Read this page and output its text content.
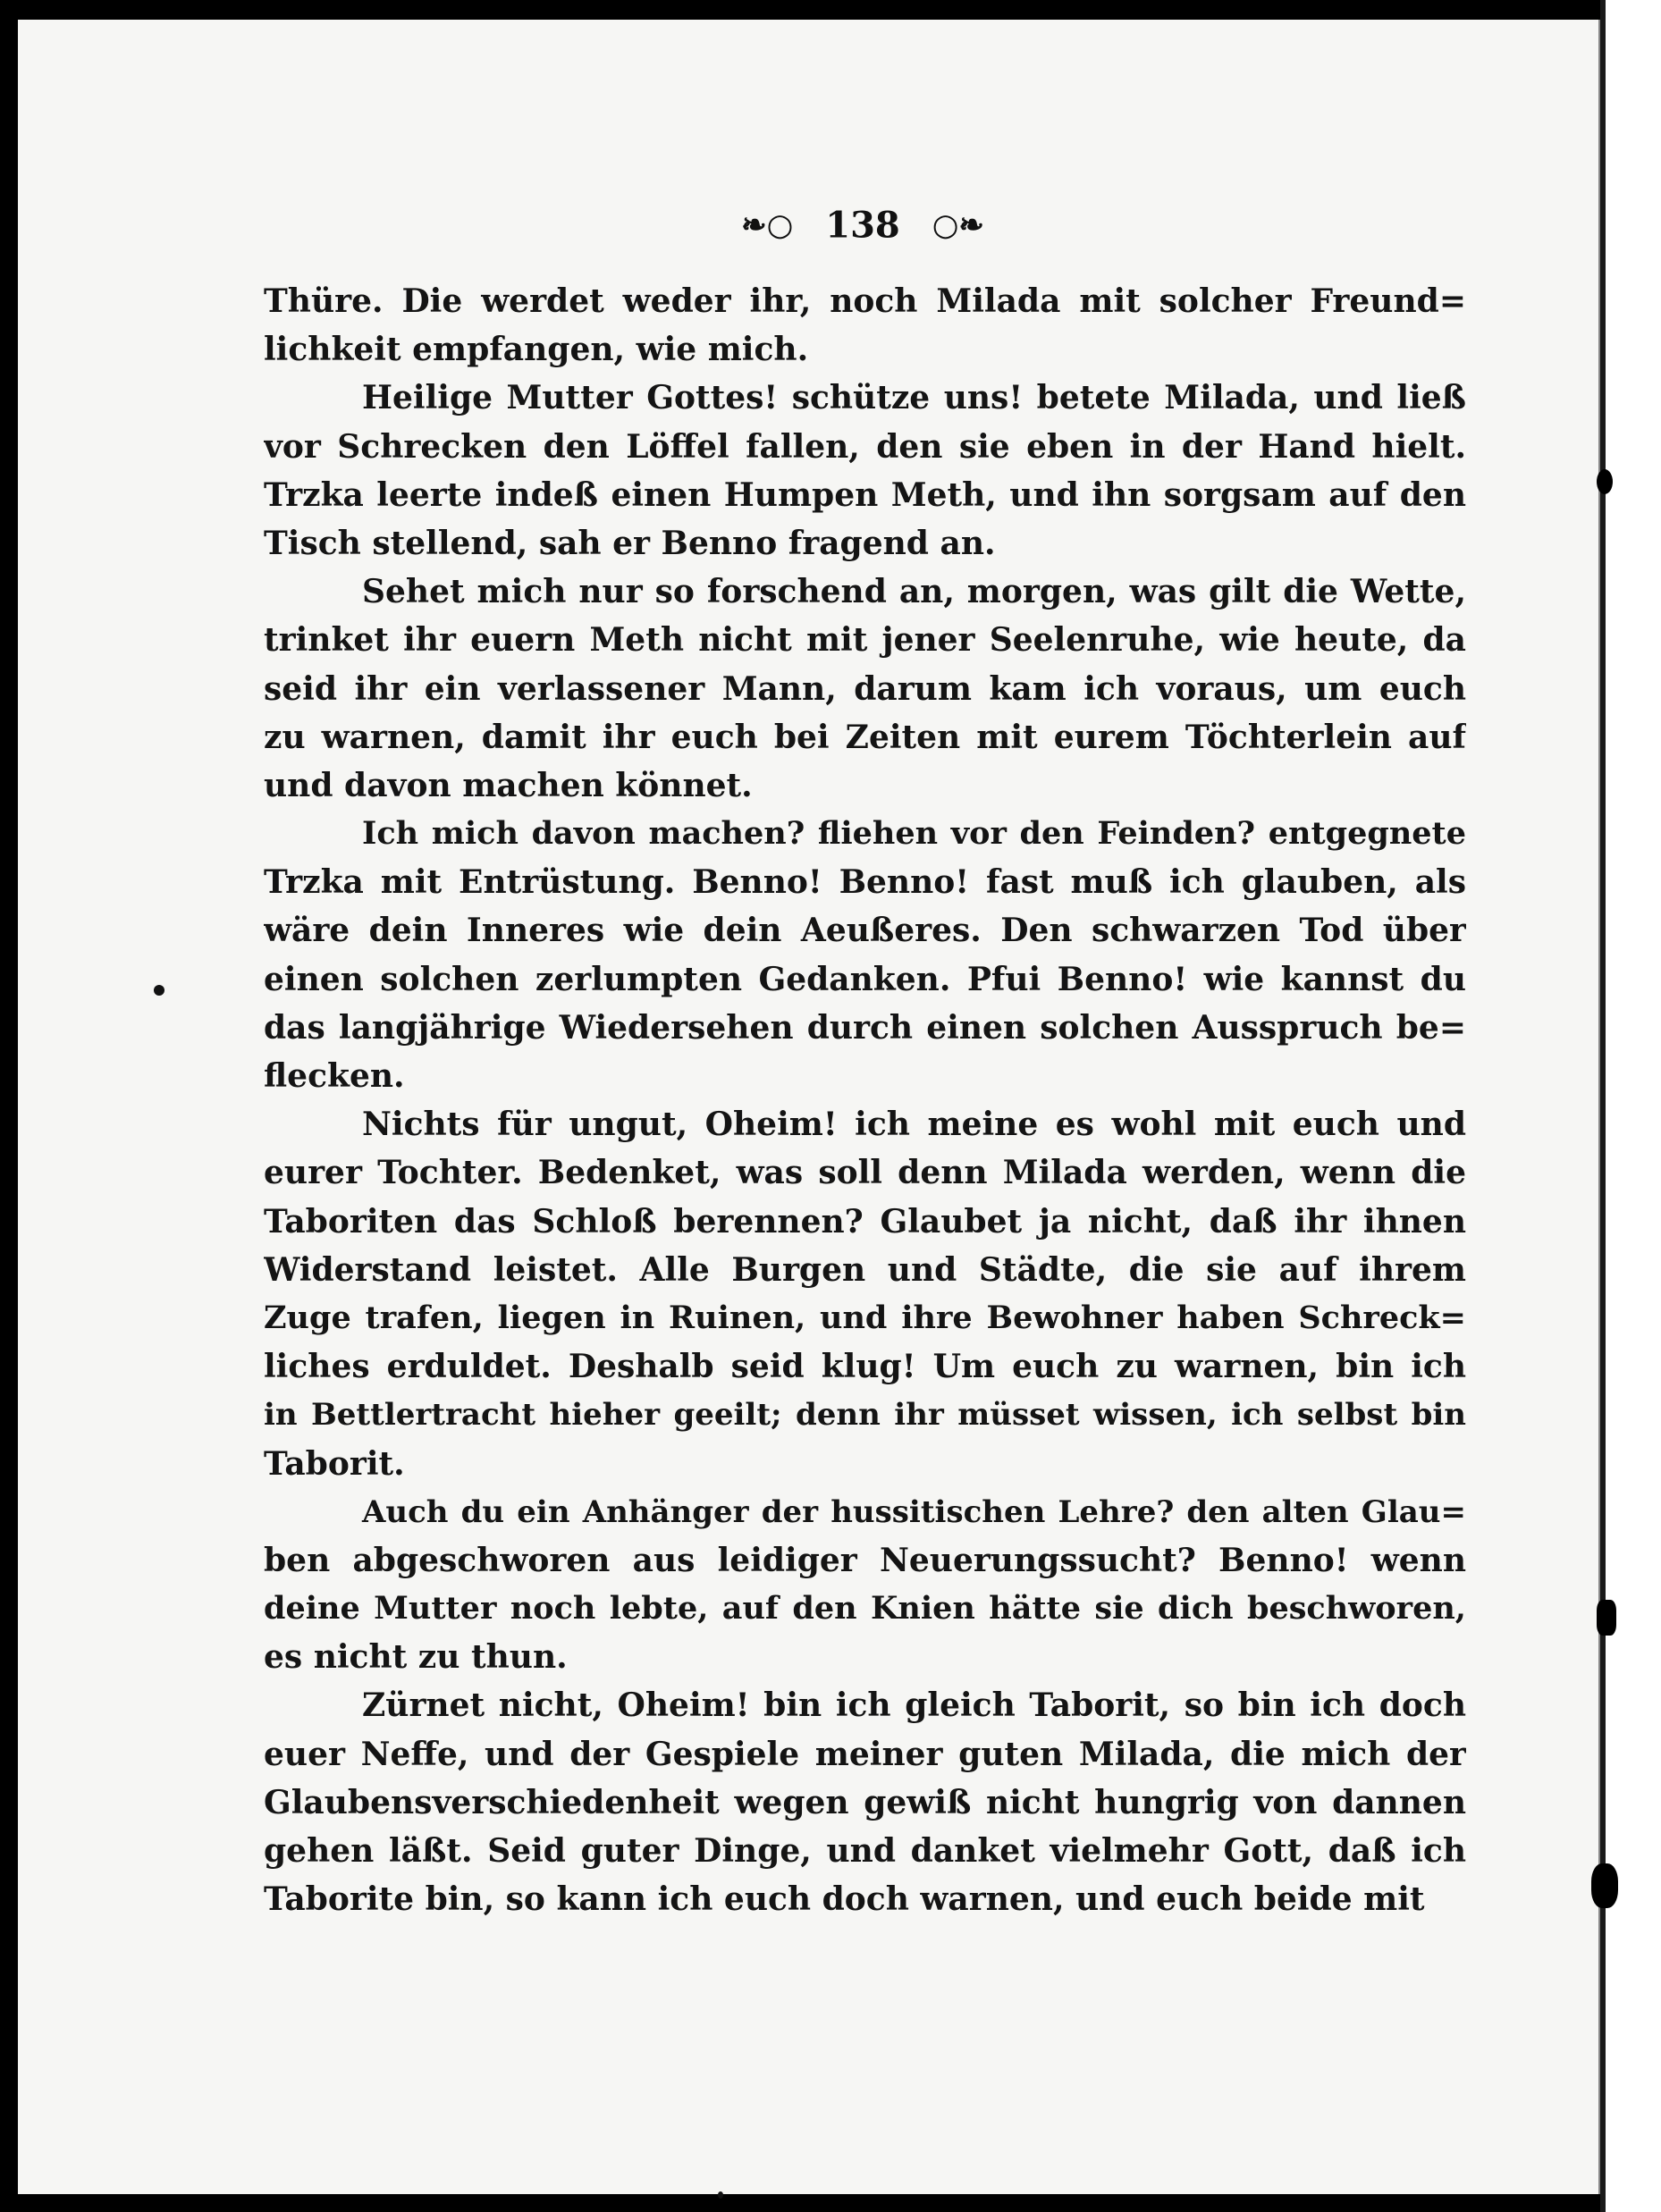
❧○ 138 ○❧
Thüre. Die werdet weder ihr, noch Milada mit solcher Freund=
lichkeit empfangen, wie mich.
Heilige Mutter Gottes! schütze uns! betete Milada, und ließ
vor Schrecken den Löffel fallen, den sie eben in der Hand hielt.
Trzka leerte indeß einen Humpen Meth, und ihn sorgsam auf den
Tisch stellend, sah er Benno fragend an.
Sehet mich nur so forschend an, morgen, was gilt die Wette,
trinket ihr euern Meth nicht mit jener Seelenruhe, wie heute, da
seid ihr ein verlassener Mann, darum kam ich voraus, um euch
zu warnen, damit ihr euch bei Zeiten mit eurem Töchterlein auf
und davon machen könnet.
Ich mich davon machen? fliehen vor den Feinden? entgegnete
Trzka mit Entrüstung. Benno! Benno! fast muß ich glauben, als
wäre dein Inneres wie dein Aeußeres. Den schwarzen Tod über
einen solchen zerlumpten Gedanken. Pfui Benno! wie kannst du
das langjährige Wiedersehen durch einen solchen Ausspruch be=
flecken.
Nichts für ungut, Oheim! ich meine es wohl mit euch und
eurer Tochter. Bedenket, was soll denn Milada werden, wenn die
Taboriten das Schloß berennen? Glaubet ja nicht, daß ihr ihnen
Widerstand leistet. Alle Burgen und Städte, die sie auf ihrem
Zuge trafen, liegen in Ruinen, und ihre Bewohner haben Schreck=
liches erduldet. Deshalb seid klug! Um euch zu warnen, bin ich
in Bettlertracht hieher geeilt; denn ihr müsset wissen, ich selbst bin
Taborit.
Auch du ein Anhänger der hussitischen Lehre? den alten Glau=
ben abgeschworen aus leidiger Neuerungssucht? Benno! wenn
deine Mutter noch lebte, auf den Knien hätte sie dich beschworen,
es nicht zu thun.
Zürnet nicht, Oheim! bin ich gleich Taborit, so bin ich doch
euer Neffe, und der Gespiele meiner guten Milada, die mich der
Glaubensverschiedenheit wegen gewiß nicht hungrig von dannen
gehen läßt. Seid guter Dinge, und danket vielmehr Gott, daß ich
Taborite bin, so kann ich euch doch warnen, und euch beide mit
